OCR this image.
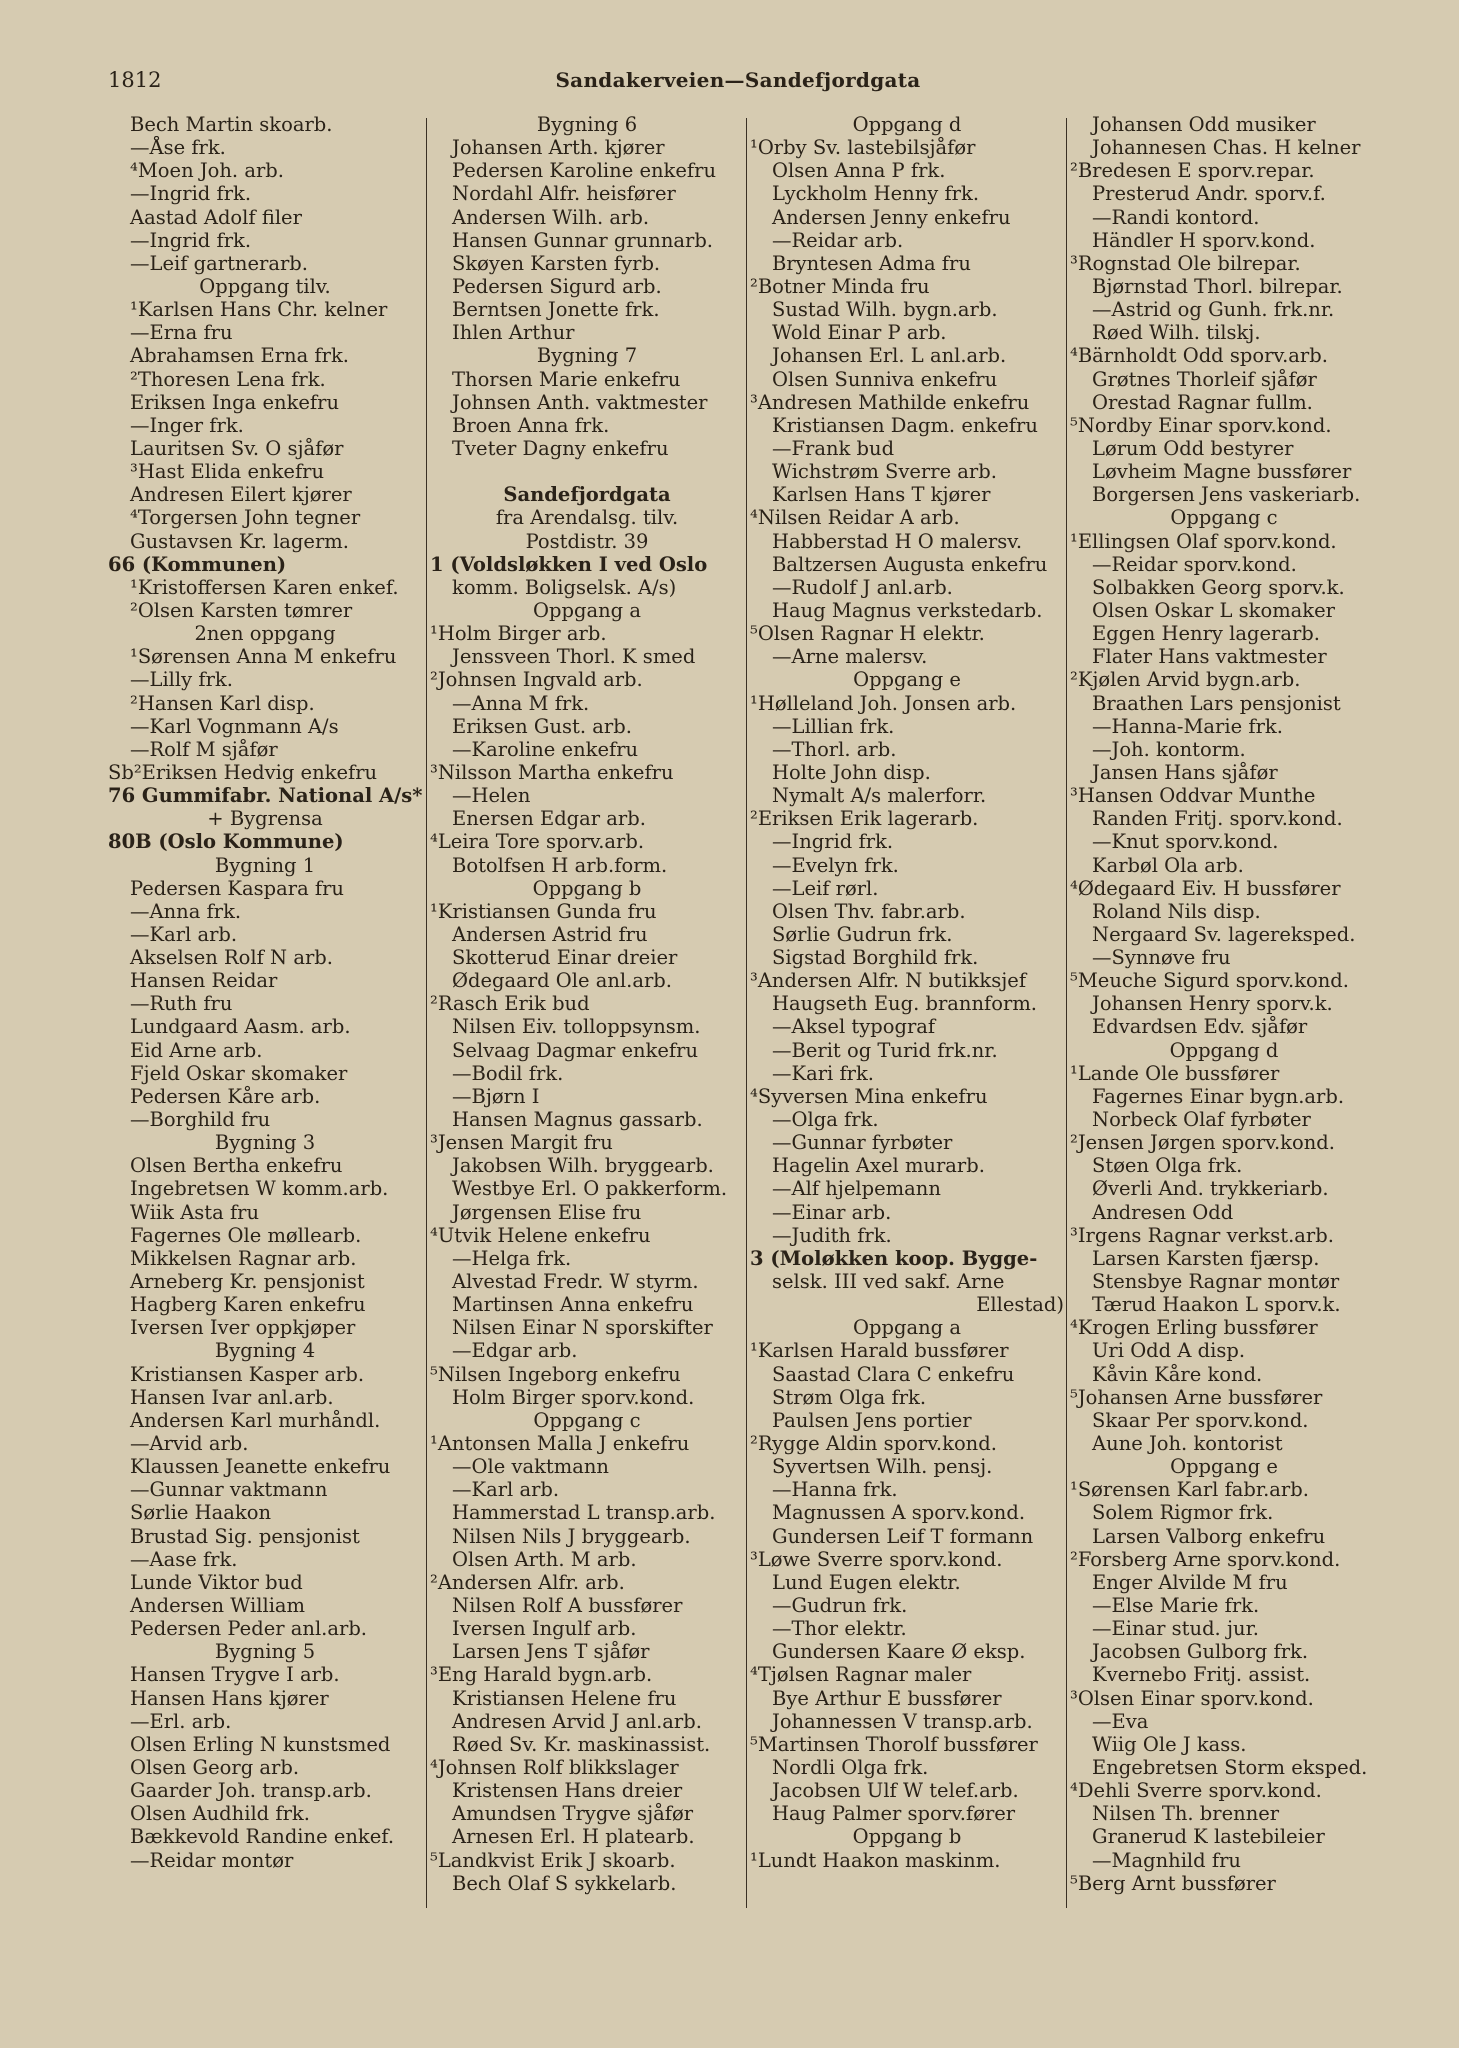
1812	Sandakerveien—Sandefjordgata
Bech Martin skoarb.
—Åse frk.
⁴Moen Joh. arb.
—Ingrid frk.
Aastad Adolf filer
—Ingrid frk.
—Leif gartnerarb.
Oppgang tilv.
¹Karlsen Hans Chr. kelner
—Erna fru
Abrahamsen Erna frk.
²Thoresen Lena frk.
Eriksen Inga enkefru
—Inger frk.
Lauritsen Sv. O sjåfør
³Hast Elida enkefru
Andresen Eilert kjører
⁴Torgersen John tegner
Gustavsen Kr. lagerm.
66 (Kommunen)
¹Kristoffersen Karen enkef.
²Olsen Karsten tømrer
2nen oppgang
¹Sørensen Anna M enkefru
—Lilly frk.
²Hansen Karl disp.
—Karl Vognmann A/s
—Rolf M sjåfør
Sb²Eriksen Hedvig enkefru
76 Gummifabr. National A/s*
+ Bygrensa
80B (Oslo Kommune)
Bygning 1
Pedersen Kaspara fru
—Anna frk.
—Karl arb.
Akselsen Rolf N arb.
Hansen Reidar
—Ruth fru
Lundgaard Aasm. arb.
Eid Arne arb.
Fjeld Oskar skomaker
Pedersen Kåre arb.
—Borghild fru
Bygning 3
Olsen Bertha enkefru
Ingebretsen W komm.arb.
Wiik Asta fru
Fagernes Ole møllearb.
Mikkelsen Ragnar arb.
Arneberg Kr. pensjonist
Hagberg Karen enkefru
Iversen Iver oppkjøper
Bygning 4
Kristiansen Kasper arb.
Hansen Ivar anl.arb.
Andersen Karl murhåndl.
—Arvid arb.
Klaussen Jeanette enkefru
—Gunnar vaktmann
Sørlie Haakon
Brustad Sig. pensjonist
—Aase frk.
Lunde Viktor bud
Andersen William
Pedersen Peder anl.arb.
Bygning 5
Hansen Trygve I arb.
Hansen Hans kjører
—Erl. arb.
Olsen Erling N kunstsmed
Olsen Georg arb.
Gaarder Joh. transp.arb.
Olsen Audhild frk.
Bækkevold Randine enkef.
—Reidar montør
Bygning 6
Johansen Arth. kjører
Pedersen Karoline enkefru
Nordahl Alfr. heisfører
Andersen Wilh. arb.
Hansen Gunnar grunnarb.
Skøyen Karsten fyrb.
Pedersen Sigurd arb.
Berntsen Jonette frk.
Ihlen Arthur
Bygning 7
Thorsen Marie enkefru
Johnsen Anth. vaktmester
Broen Anna frk.
Tveter Dagny enkefru
Sandefjordgata
fra Arendalsg. tilv.
Postdistr. 39
1 (Voldsløkken I ved Oslo
komm. Boligselsk. A/s)
Oppgang a
¹Holm Birger arb.
Jenssveen Thorl. K smed
²Johnsen Ingvald arb.
—Anna M frk.
Eriksen Gust. arb.
—Karoline enkefru
³Nilsson Martha enkefru
—Helen
Enersen Edgar arb.
⁴Leira Tore sporv.arb.
Botolfsen H arb.form.
Oppgang b
¹Kristiansen Gunda fru
Andersen Astrid fru
Skotterud Einar dreier
Ødegaard Ole anl.arb.
²Rasch Erik bud
Nilsen Eiv. tolloppsynsm.
Selvaag Dagmar enkefru
—Bodil frk.
—Bjørn I
Hansen Magnus gassarb.
³Jensen Margit fru
Jakobsen Wilh. bryggearb.
Westbye Erl. O pakkerform.
Jørgensen Elise fru
⁴Utvik Helene enkefru
—Helga frk.
Alvestad Fredr. W styrm.
Martinsen Anna enkefru
Nilsen Einar N sporskifter
—Edgar arb.
⁵Nilsen Ingeborg enkefru
Holm Birger sporv.kond.
Oppgang c
¹Antonsen Malla J enkefru
—Ole vaktmann
—Karl arb.
Hammerstad L transp.arb.
Nilsen Nils J bryggearb.
Olsen Arth. M arb.
²Andersen Alfr. arb.
Nilsen Rolf A bussfører
Iversen Ingulf arb.
Larsen Jens T sjåfør
³Eng Harald bygn.arb.
Kristiansen Helene fru
Andresen Arvid J anl.arb.
Røed Sv. Kr. maskinassist.
⁴Johnsen Rolf blikkslager
Kristensen Hans dreier
Amundsen Trygve sjåfør
Arnesen Erl. H platearb.
⁵Landkvist Erik J skoarb.
Bech Olaf S sykkelarb.
Oppgang d
¹Orby Sv. lastebilsjåfør
Olsen Anna P frk.
Lyckholm Henny frk.
Andersen Jenny enkefru
—Reidar arb.
Bryntesen Adma fru
²Botner Minda fru
Sustad Wilh. bygn.arb.
Wold Einar P arb.
Johansen Erl. L anl.arb.
Olsen Sunniva enkefru
³Andresen Mathilde enkefru
Kristiansen Dagm. enkefru
—Frank bud
Wichstrøm Sverre arb.
Karlsen Hans T kjører
⁴Nilsen Reidar A arb.
Habberstad H O malersv.
Baltzersen Augusta enkefru
—Rudolf J anl.arb.
Haug Magnus verkstedarb.
⁵Olsen Ragnar H elektr.
—Arne malersv.
Oppgang e
¹Hølleland Joh. Jonsen arb.
—Lillian frk.
—Thorl. arb.
Holte John disp.
Nymalt A/s malerforr.
²Eriksen Erik lagerarb.
—Ingrid frk.
—Evelyn frk.
—Leif rørl.
Olsen Thv. fabr.arb.
Sørlie Gudrun frk.
Sigstad Borghild frk.
³Andersen Alfr. N butikksjef
Haugseth Eug. brannform.
—Aksel typograf
—Berit og Turid frk.nr.
—Kari frk.
⁴Syversen Mina enkefru
—Olga frk.
—Gunnar fyrbøter
Hagelin Axel murarb.
—Alf hjelpemann
—Einar arb.
—Judith frk.
3 (Moløkken koop. Bygge-
selsk. III ved sakf. Arne
Ellestad)
Oppgang a
¹Karlsen Harald bussfører
Saastad Clara C enkefru
Strøm Olga frk.
Paulsen Jens portier
²Rygge Aldin sporv.kond.
Syvertsen Wilh. pensj.
—Hanna frk.
Magnussen A sporv.kond.
Gundersen Leif T formann
³Løwe Sverre sporv.kond.
Lund Eugen elektr.
—Gudrun frk.
—Thor elektr.
Gundersen Kaare Ø eksp.
⁴Tjølsen Ragnar maler
Bye Arthur E bussfører
Johannessen V transp.arb.
⁵Martinsen Thorolf bussfører
Nordli Olga frk.
Jacobsen Ulf W telef.arb.
Haug Palmer sporv.fører
Oppgang b
¹Lundt Haakon maskinm.
Johansen Odd musiker
Johannesen Chas. H kelner
²Bredesen E sporv.repar.
Presterud Andr. sporv.f.
—Randi kontord.
Händler H sporv.kond.
³Rognstad Ole bilrepar.
Bjørnstad Thorl. bilrepar.
—Astrid og Gunh. frk.nr.
Røed Wilh. tilskj.
⁴Bärnholdt Odd sporv.arb.
Grøtnes Thorleif sjåfør
Orestad Ragnar fullm.
⁵Nordby Einar sporv.kond.
Lørum Odd bestyrer
Løvheim Magne bussfører
Borgersen Jens vaskeriarb.
Oppgang c
¹Ellingsen Olaf sporv.kond.
—Reidar sporv.kond.
Solbakken Georg sporv.k.
Olsen Oskar L skomaker
Eggen Henry lagerarb.
Flater Hans vaktmester
²Kjølen Arvid bygn.arb.
Braathen Lars pensjonist
—Hanna-Marie frk.
—Joh. kontorm.
Jansen Hans sjåfør
³Hansen Oddvar Munthe
Randen Fritj. sporv.kond.
—Knut sporv.kond.
Karbøl Ola arb.
⁴Ødegaard Eiv. H bussfører
Roland Nils disp.
Nergaard Sv. lagereksped.
—Synnøve fru
⁵Meuche Sigurd sporv.kond.
Johansen Henry sporv.k.
Edvardsen Edv. sjåfør
Oppgang d
¹Lande Ole bussfører
Fagernes Einar bygn.arb.
Norbeck Olaf fyrbøter
²Jensen Jørgen sporv.kond.
Støen Olga frk.
Øverli And. trykkeriarb.
Andresen Odd
³Irgens Ragnar verkst.arb.
Larsen Karsten fjærsp.
Stensbye Ragnar montør
Tærud Haakon L sporv.k.
⁴Krogen Erling bussfører
Uri Odd A disp.
Kåvin Kåre kond.
⁵Johansen Arne bussfører
Skaar Per sporv.kond.
Aune Joh. kontorist
Oppgang e
¹Sørensen Karl fabr.arb.
Solem Rigmor frk.
Larsen Valborg enkefru
²Forsberg Arne sporv.kond.
Enger Alvilde M fru
—Else Marie frk.
—Einar stud. jur.
Jacobsen Gulborg frk.
Kvernebo Fritj. assist.
³Olsen Einar sporv.kond.
—Eva
Wiig Ole J kass.
Engebretsen Storm eksped.
⁴Dehli Sverre sporv.kond.
Nilsen Th. brenner
Granerud K lastebileier
—Magnhild fru
⁵Berg Arnt bussfører
